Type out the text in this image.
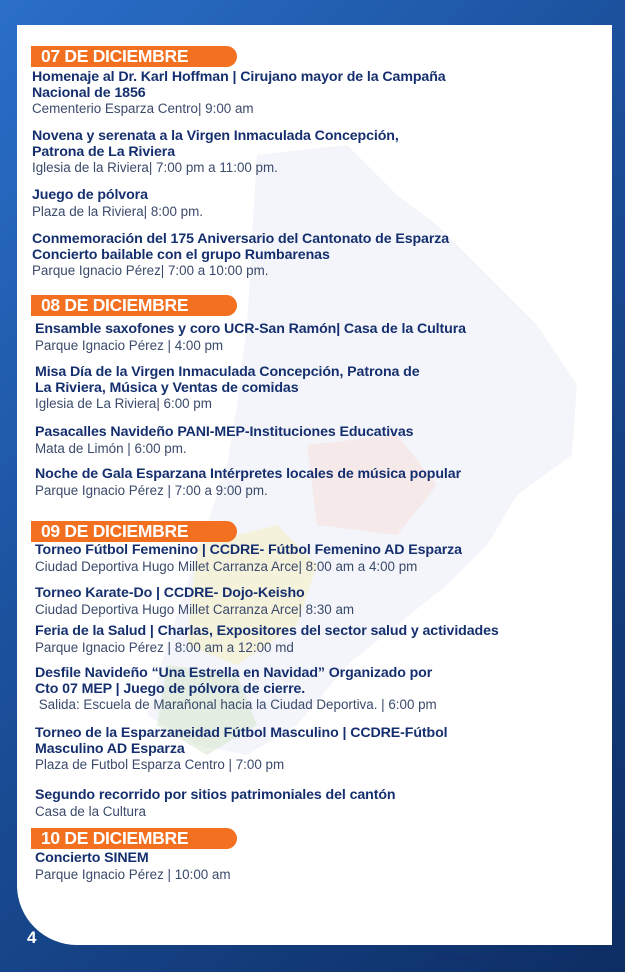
07 DE DICIEMBRE
Homenaje al Dr. Karl Hoffman | Cirujano mayor de la Campaña
Nacional de 1856
Cementerio Esparza Centro| 9:00 am
Novena y serenata a la Virgen Inmaculada Concepción,
Patrona de La Riviera
Iglesia de la Riviera| 7:00 pm a 11:00 pm.
Juego de pólvora
Plaza de la Riviera| 8:00 pm.
Conmemoración del 175 Aniversario del Cantonato de Esparza
Concierto bailable con el grupo Rumbarenas
Parque Ignacio Pérez| 7:00 a 10:00 pm.
08 DE DICIEMBRE
Ensamble saxofones y coro UCR-San Ramón| Casa de la Cultura
Parque Ignacio Pérez | 4:00 pm
Misa Día de la Virgen Inmaculada Concepción, Patrona de
La Riviera, Música y Ventas de comidas
Iglesia de La Riviera| 6:00 pm
Pasacalles Navideño PANI-MEP-Instituciones Educativas
Mata de Limón | 6:00 pm.
Noche de Gala Esparzana Intérpretes locales de música popular
Parque Ignacio Pérez | 7:00 a 9:00 pm.
09 DE DICIEMBRE
Torneo Fútbol Femenino | CCDRE- Fútbol Femenino AD Esparza
Ciudad Deportiva Hugo Millet Carranza Arce| 8:00 am a 4:00 pm
Torneo Karate-Do | CCDRE- Dojo-Keisho
Ciudad Deportiva Hugo Millet Carranza Arce| 8:30 am
Feria de la Salud | Charlas, Expositores del sector salud y actividades
Parque Ignacio Pérez | 8:00 am a 12:00 md
Desfile Navideño “Una Estrella en Navidad” Organizado por
Cto 07 MEP | Juego de pólvora de cierre.
Salida: Escuela de Marañonal hacia la Ciudad Deportiva. | 6:00 pm
Torneo de la Esparzaneidad Fútbol Masculino | CCDRE-Fútbol
Masculino AD Esparza
Plaza de Futbol Esparza Centro | 7:00 pm
Segundo recorrido por sitios patrimoniales del cantón
Casa de la Cultura
10 DE DICIEMBRE
Concierto SINEM
Parque Ignacio Pérez | 10:00 am
*ACTIVIDADES SUJETAS A CAMBIOS
4
